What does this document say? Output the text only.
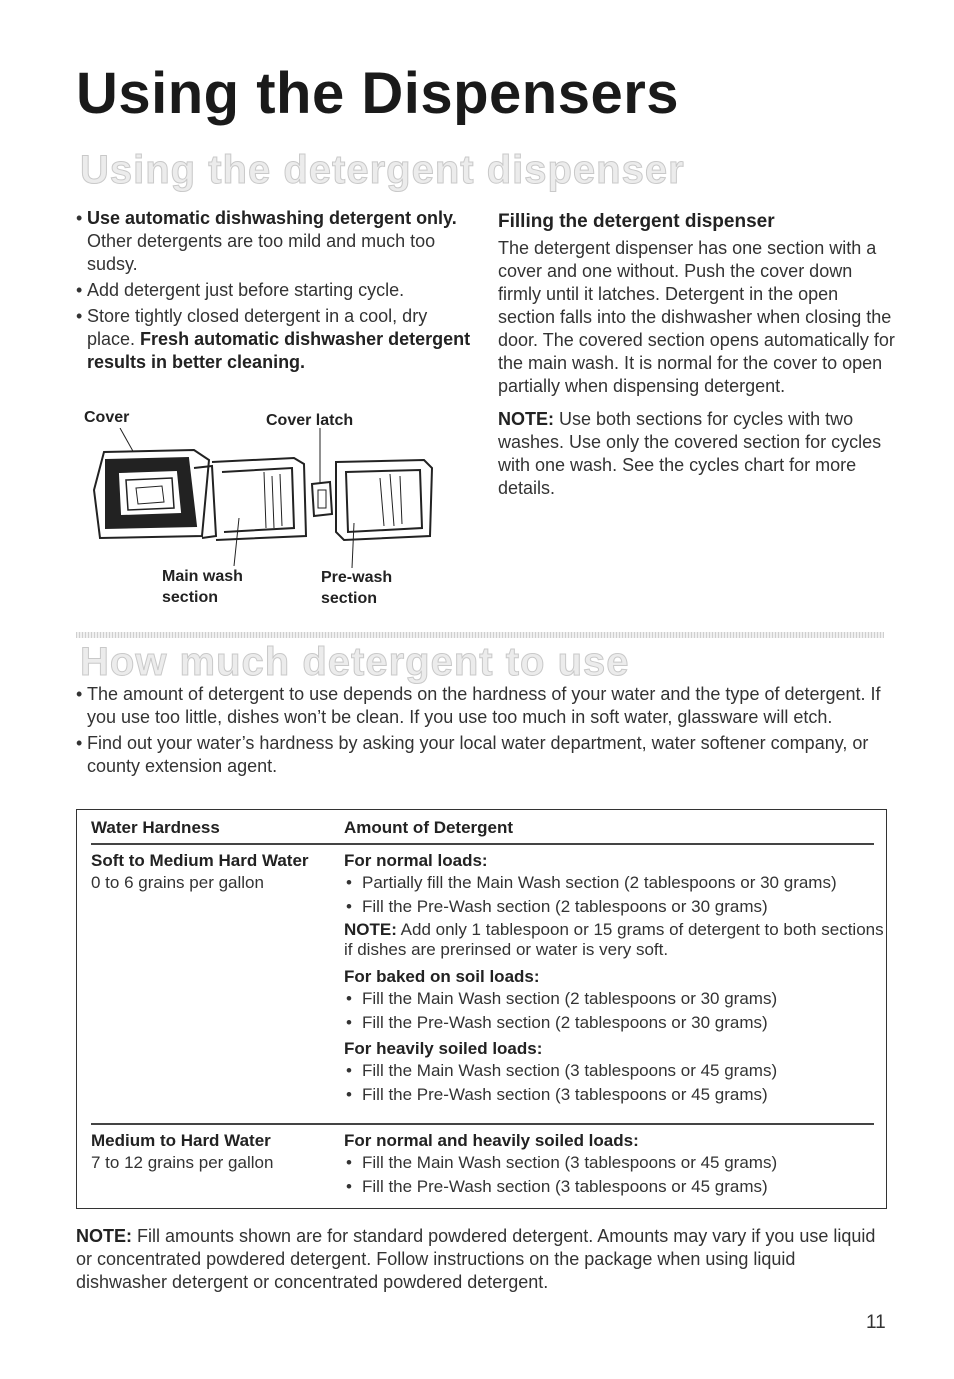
Using the Dispensers
Using the detergent dispenser
• Use automatic dishwashing detergent only. Other detergents are too mild and much too sudsy.
• Add detergent just before starting cycle.
• Store tightly closed detergent in a cool, dry place. Fresh automatic dishwasher detergent results in better cleaning.
Cover	Cover latch
Main wash section
Pre-wash section
Filling the detergent dispenser
The detergent dispenser has one section with a cover and one without. Push the cover down firmly until it latches. Detergent in the open section falls into the dishwasher when closing the door. The covered section opens automatically for the main wash. It is normal for the cover to open partially when dispensing detergent.
NOTE: Use both sections for cycles with two washes. Use only the covered section for cycles with one wash. See the cycles chart for more details.
How much detergent to use
• The amount of detergent to use depends on the hardness of your water and the type of detergent. If you use too little, dishes won’t be clean. If you use too much in soft water, glassware will etch.
• Find out your water’s hardness by asking your local water department, water softener company, or county extension agent.
Water Hardness	Amount of Detergent
Soft to Medium Hard Water
0 to 6 grains per gallon
For normal loads:
• Partially fill the Main Wash section (2 tablespoons or 30 grams)
• Fill the Pre-Wash section (2 tablespoons or 30 grams)
NOTE: Add only 1 tablespoon or 15 grams of detergent to both sections if dishes are prerinsed or water is very soft.
For baked on soil loads:
• Fill the Main Wash section (2 tablespoons or 30 grams)
• Fill the Pre-Wash section (2 tablespoons or 30 grams)
For heavily soiled loads:
• Fill the Main Wash section (3 tablespoons or 45 grams)
• Fill the Pre-Wash section (3 tablespoons or 45 grams)
Medium to Hard Water
7 to 12 grains per gallon
For normal and heavily soiled loads:
• Fill the Main Wash section (3 tablespoons or 45 grams)
• Fill the Pre-Wash section (3 tablespoons or 45 grams)
NOTE: Fill amounts shown are for standard powdered detergent. Amounts may vary if you use liquid or concentrated powdered detergent. Follow instructions on the package when using liquid dishwasher detergent or concentrated powdered detergent.
11
